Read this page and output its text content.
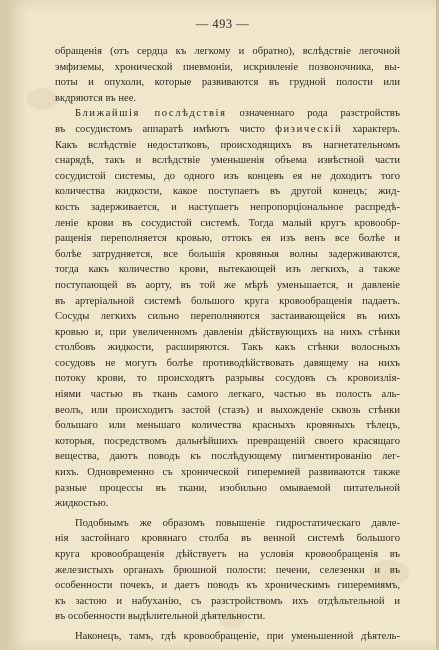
— 493 —
обращенія (отъ сердца къ легкому и обратно), вслѣдствіе легочной
эмфиземы, хронической пневмоніи, искривленіе позвоночника, вы-
поты и опухоли, которые развиваются въ грудной полости или
вкдряются въ нее.
Ближайшія послѣдствія означеннаго рода разстройствъ
въ сосудистомъ аппаратѣ имѣютъ чисто физическій характеръ.
Какъ вслѣдствіе недостатковъ, происходящихъ въ нагнетательномъ
снарядѣ, такъ и вслѣдствіе уменьшенія объема извѣстной части
сосудистой системы, до одного изъ концевъ ея не доходитъ того
количества жидкости, какое поступаетъ въ другой конецъ; жид-
кость задерживается, и наступаетъ непропорціональное распредѣ-
леніе крови въ сосудистой системѣ. Тогда малый кругъ кровообр-
ращенія переполняется кровью, оттокъ ея изъ венъ все болѣе и
болѣе затрудняется, все большія кровяныя волны задерживаются,
тогда какъ количество крови, вытекающей изъ легкихъ, а также
поступающей въ аорту, въ той же мѣрѣ уменьшается, и давленіе
въ артеріальной системѣ большого круга кровообращенія падаетъ.
Сосуды легкихъ сильно переполняются застаивающейся въ нихъ
кровью и, при увеличенномъ давленіи дѣйствующихъ на нихъ стѣнки
столбовъ жидкости, расширяются. Такъ какъ стѣнки волосныхъ
сосудовъ не могутъ болѣе противодѣйствовать давящему на нихъ
потоку крови, то происходятъ разрывы сосудовъ съ кровоизлія-
ніями частью въ ткань самого легкаго, частью въ полость аль-
веолъ, или происходитъ застой (стазъ) и выхожденіе сквозь стѣнки
большаго или меньшаго количества красныхъ кровяныхъ тѣлецъ,
которыя, посредствомъ дальнѣйшихъ превращеній своего красящаго
вещества, даютъ поводъ къ послѣдующему пигментированію лег-
кихъ. Одновременно съ хронической гиперемией развиваются также
разные процессы въ ткани, изобильно омываемой питательной
жидкостью.
Подобнымъ же образомъ повышеніе гидростатическаго давле-
нія застойнаго кровянаго столба въ венной системѣ большого
круга кровообращенія дѣйствуетъ на условія кровообращенія въ
железистыхъ органахъ брюшной полости: печени, селезенки и въ
особенности почекъ, и даетъ поводъ къ хроническимъ гиперемиямъ,
къ застою и набуханію, съ разстройствомъ ихъ отдѣльтельной и
въ особенности выдѣлительной дѣятельности.
Наконецъ, тамъ, гдѣ кровообращеніе, при уменьшенной дѣятель-
